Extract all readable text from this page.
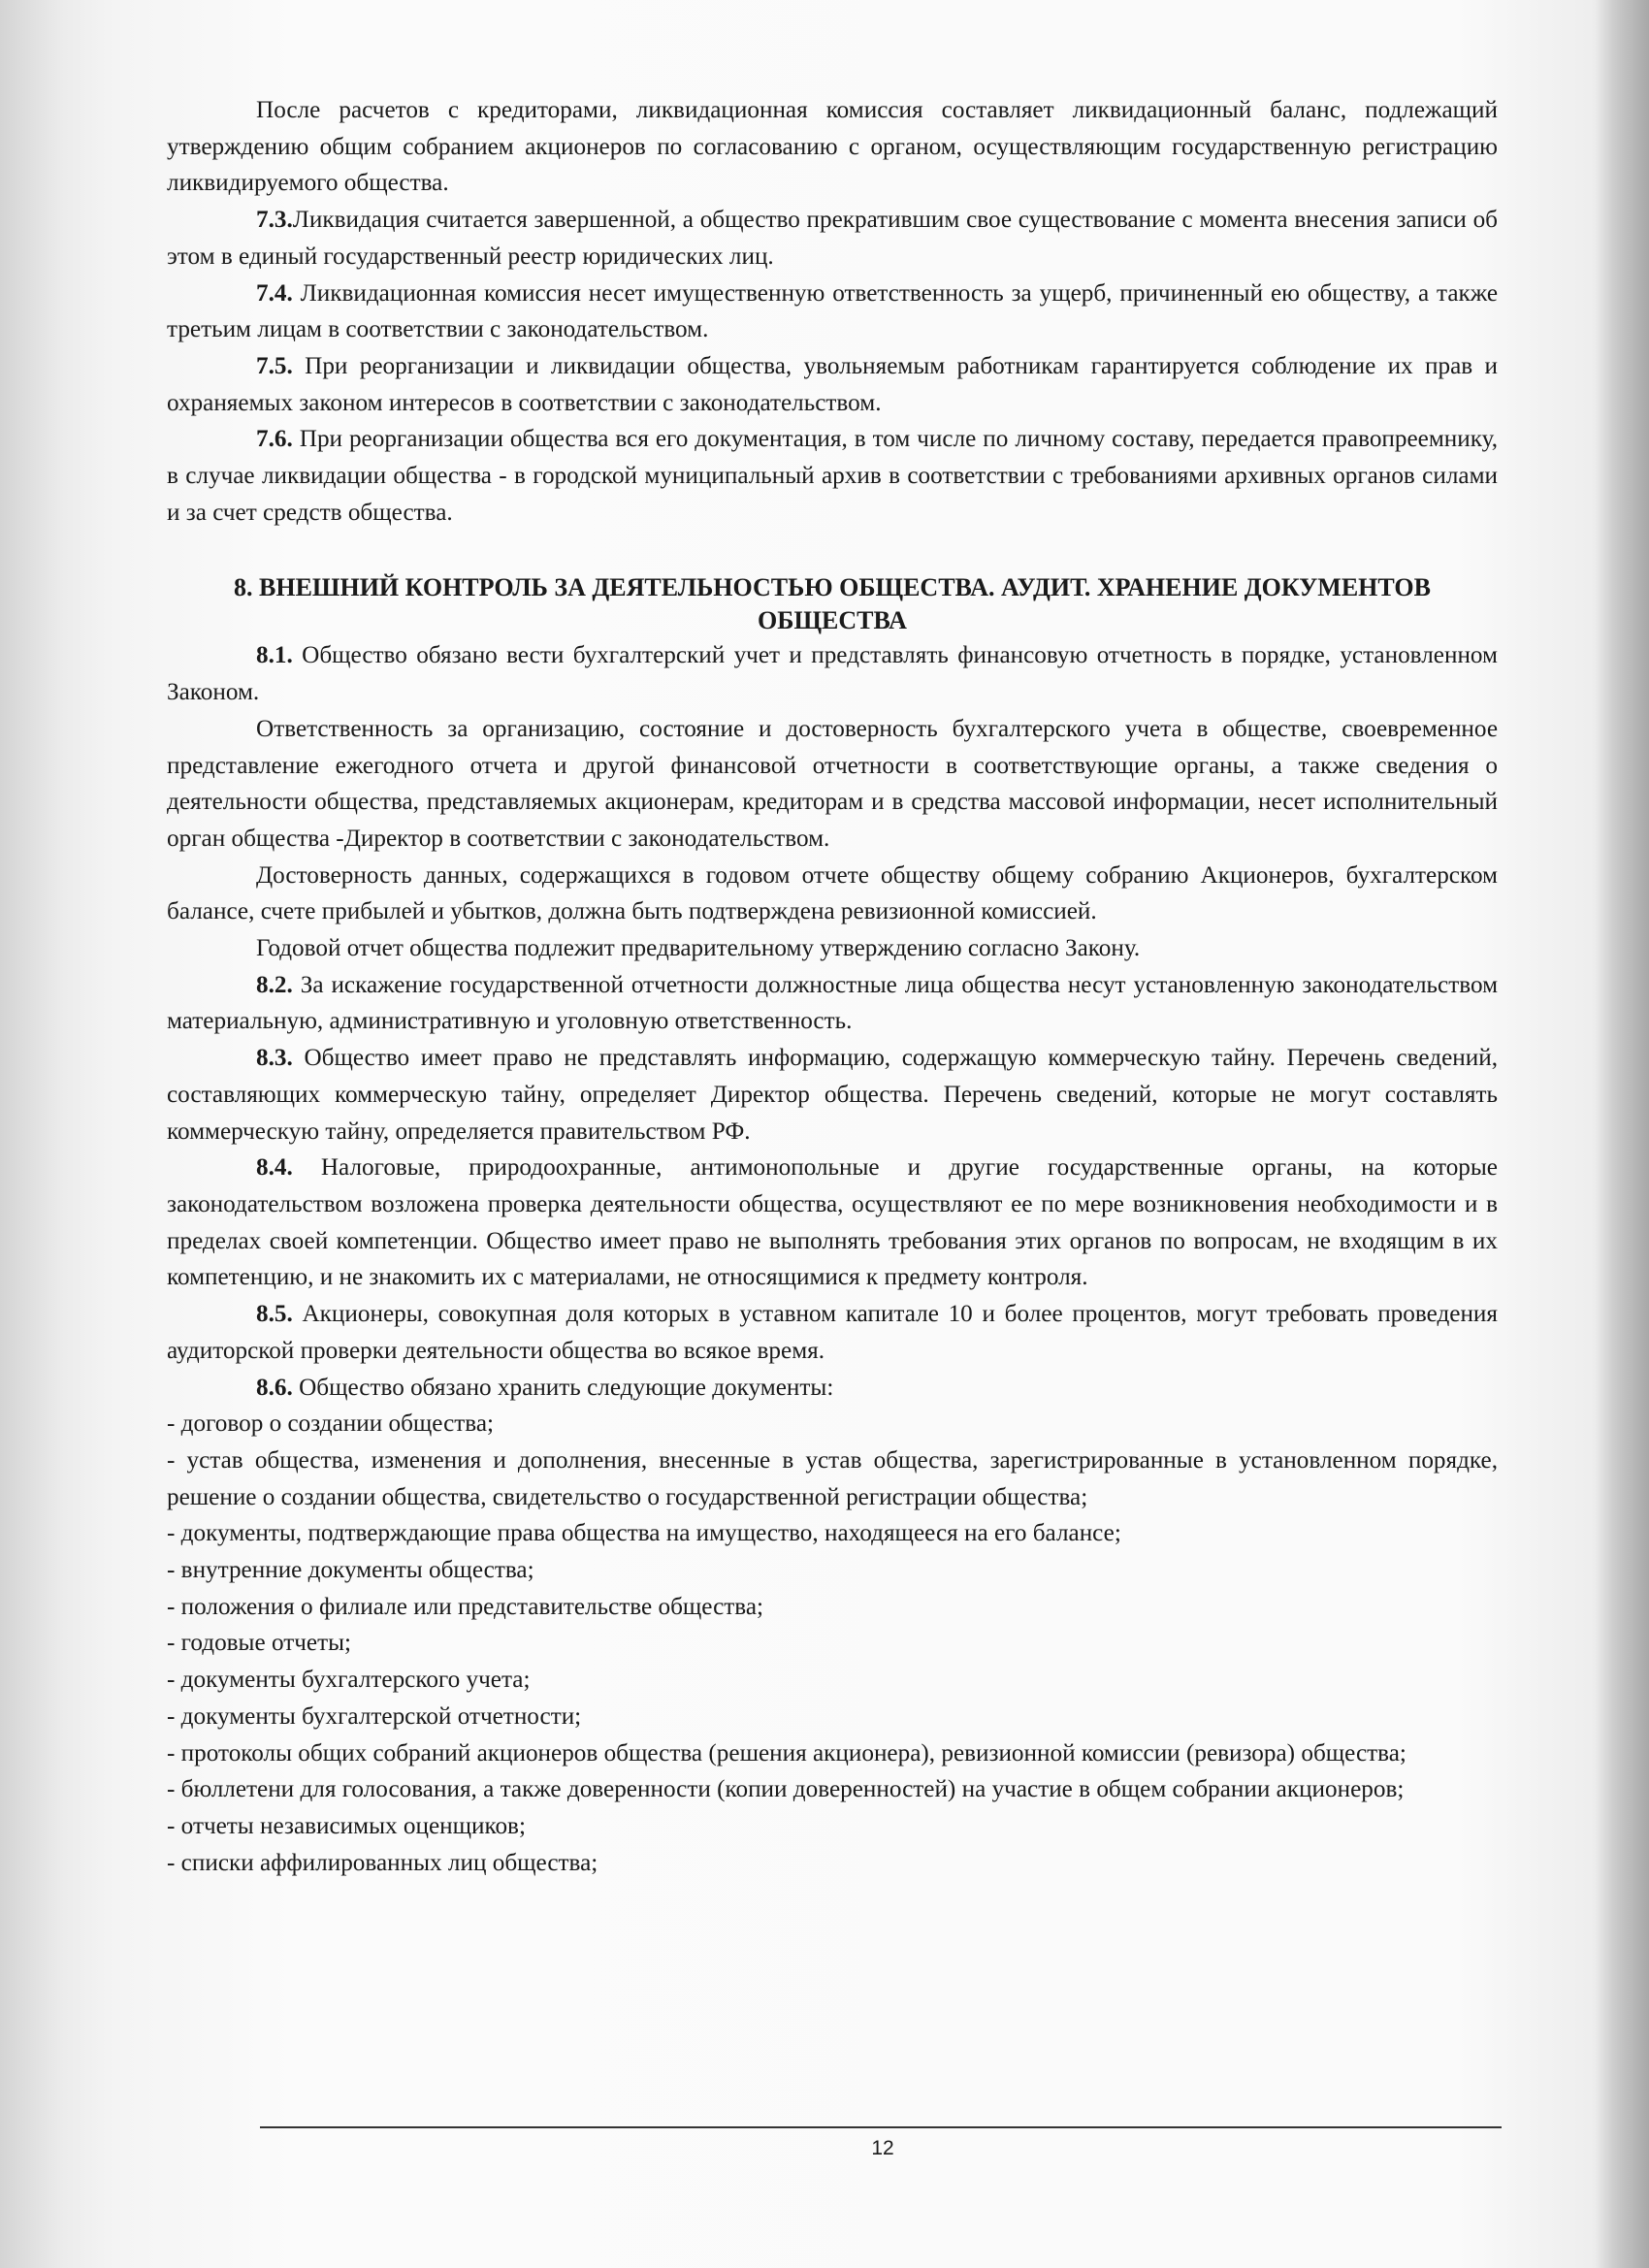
После расчетов с кредиторами, ликвидационная комиссия составляет ликвидационный баланс, подлежащий утверждению общим собранием акционеров по согласованию с органом, осуществляющим государственную регистрацию ликвидируемого общества.

7.3.Ликвидация считается завершенной, а общество прекратившим свое существование с момента внесения записи об этом в единый государственный реестр юридических лиц.

7.4. Ликвидационная комиссия несет имущественную ответственность за ущерб, причиненный ею обществу, а также третьим лицам в соответствии с законодательством.

7.5. При реорганизации и ликвидации общества, увольняемым работникам гарантируется соблюдение их прав и охраняемых законом интересов в соответствии с законодательством.

7.6. При реорганизации общества вся его документация, в том числе по личному составу, передается правопреемнику, в случае ликвидации общества - в городской муниципальный архив в соответствии с требованиями архивных органов силами и за счет средств общества.

8. ВНЕШНИЙ КОНТРОЛЬ ЗА ДЕЯТЕЛЬНОСТЬЮ ОБЩЕСТВА. АУДИТ. ХРАНЕНИЕ ДОКУМЕНТОВ ОБЩЕСТВА

8.1. Общество обязано вести бухгалтерский учет и представлять финансовую отчетность в порядке, установленном Законом.

Ответственность за организацию, состояние и достоверность бухгалтерского учета в обществе, своевременное представление ежегодного отчета и другой финансовой отчетности в соответствующие органы, а также сведения о деятельности общества, представляемых акционерам, кредиторам и в средства массовой информации, несет исполнительный орган общества -Директор в соответствии с законодательством.

Достоверность данных, содержащихся в годовом отчете обществу общему собранию Акционеров, бухгалтерском балансе, счете прибылей и убытков, должна быть подтверждена ревизионной комиссией.

Годовой отчет общества подлежит предварительному утверждению согласно Закону.

8.2. За искажение государственной отчетности должностные лица общества несут установленную законодательством материальную, административную и уголовную ответственность.

8.3. Общество имеет право не представлять информацию, содержащую коммерческую тайну. Перечень сведений, составляющих коммерческую тайну, определяет Директор общества. Перечень сведений, которые не могут составлять коммерческую тайну, определяется правительством РФ.

8.4. Налоговые, природоохранные, антимонопольные и другие государственные органы, на которые законодательством возложена проверка деятельности общества, осуществляют ее по мере возникновения необходимости и в пределах своей компетенции. Общество имеет право не выполнять требования этих органов по вопросам, не входящим в их компетенцию, и не знакомить их с материалами, не относящимися к предмету контроля.

8.5. Акционеры, совокупная доля которых в уставном капитале 10 и более процентов, могут требовать проведения аудиторской проверки деятельности общества во всякое время.

8.6. Общество обязано хранить следующие документы:

- договор о создании общества;

- устав общества, изменения и дополнения, внесенные в устав общества, зарегистрированные в установленном порядке, решение о создании общества, свидетельство о государственной регистрации общества;

- документы, подтверждающие права общества на имущество, находящееся на его балансе;

- внутренние документы общества;

- положения о филиале или представительстве общества;

- годовые отчеты;

- документы бухгалтерского учета;

- документы бухгалтерской отчетности;

- протоколы общих собраний акционеров общества (решения акционера), ревизионной комиссии (ревизора) общества;

- бюллетени для голосования, а также доверенности (копии доверенностей) на участие в общем собрании акционеров;

- отчеты независимых оценщиков;

- списки аффилированных лиц общества;

12
